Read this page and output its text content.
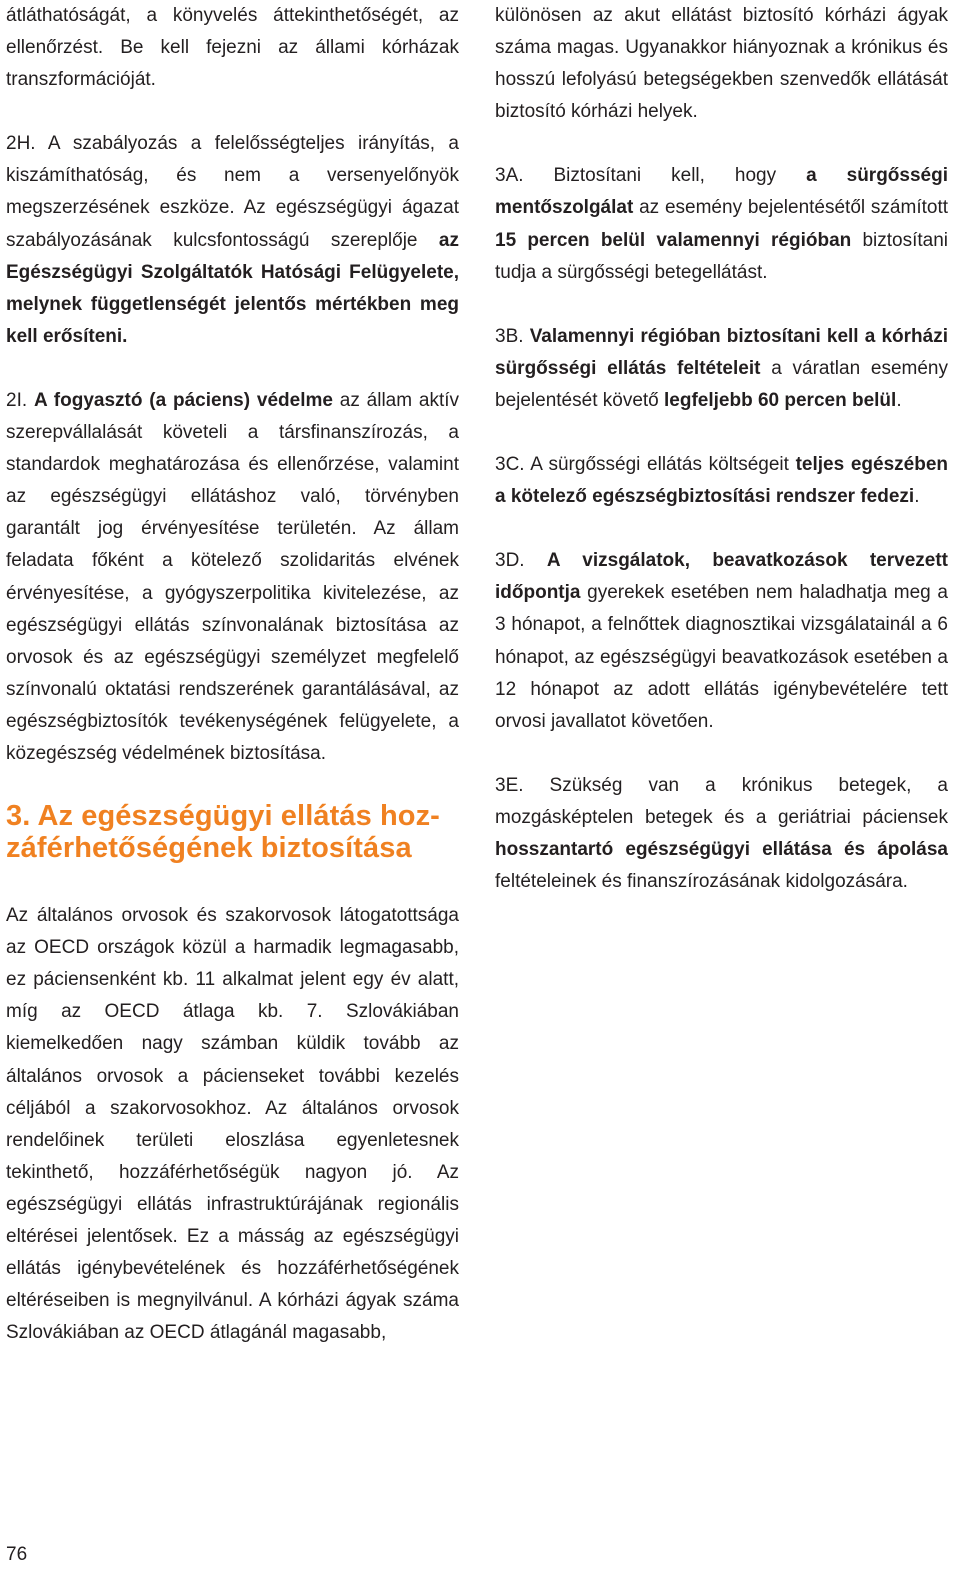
átláthatóságát, a könyvelés áttekinthetőségét, az ellenőrzést. Be kell fejezni az állami kórházak transzformációját.

2H. A szabályozás a felelősségteljes irányítás, a kiszámíthatóság, és nem a versenyelőnyök megszerzésének eszköze. Az egészségügyi ágazat szabályozásának kulcsfontosságú szereplője az Egészségügyi Szolgáltatók Hatósági Felügyelete, melynek függetlenségét jelentős mértékben meg kell erősíteni.

2I. A fogyasztó (a páciens) védelme az állam aktív szerepvállalását követeli a társfinanszírozás, a standardok meghatározása és ellenőrzése, valamint az egészségügyi ellátáshoz való, törvényben garantált jog érvényesítése területén. Az állam feladata főként a kötelező szolidaritás elvének érvényesítése, a gyógyszerpolitika kivitelezése, az egészségügyi ellátás színvonalának biztosítása az orvosok és az egészségügyi személyzet megfelelő színvonalú oktatási rendszerének garantálásával, az egészségbiztosítók tevékenységének felügyelete, a közegészség védelmének biztosítása.

3. Az egészségügyi ellátás hoz-
záférhetőségének biztosítása

Az általános orvosok és szakorvosok látogatottsága az OECD országok közül a harmadik legmagasabb, ez páciensenként kb. 11 alkalmat jelent egy év alatt, míg az OECD átlaga kb. 7. Szlovákiában kiemelkedően nagy számban küldik tovább az általános orvosok a pácienseket további kezelés céljából a szakorvosokhoz. Az általános orvosok rendelőinek területi eloszlása egyenletesnek tekinthető, hozzáférhetőségük nagyon jó. Az egészségügyi ellátás infrastruktúrájának regionális eltérései jelentősek. Ez a másság az egészségügyi ellátás igénybevételének és hozzáférhetőségének eltéréseiben is megnyilvánul. A kórházi ágyak száma Szlovákiában az OECD átlagánál magasabb,

különösen az akut ellátást biztosító kórházi ágyak száma magas. Ugyanakkor hiányoznak a krónikus és hosszú lefolyású betegségekben szenvedők ellátását biztosító kórházi helyek.

3A. Biztosítani kell, hogy a sürgősségi mentőszolgálat az esemény bejelentésétől számított 15 percen belül valamennyi régióban biztosítani tudja a sürgősségi betegellátást.

3B. Valamennyi régióban biztosítani kell a kórházi sürgősségi ellátás feltételeit a váratlan esemény bejelentését követő legfeljebb 60 percen belül.

3C. A sürgősségi ellátás költségeit teljes egészében a kötelező egészségbiztosítási rendszer fedezi.

3D. A vizsgálatok, beavatkozások tervezett időpontja gyerekek esetében nem haladhatja meg a 3 hónapot, a felnőttek diagnosztikai vizsgálatainál a 6 hónapot, az egészségügyi beavatkozások esetében a 12 hónapot az adott ellátás igénybevételére tett orvosi javallatot követően.

3E. Szükség van a krónikus betegek, a mozgásképtelen betegek és a geriátriai páciensek hosszantartó egészségügyi ellátása és ápolása feltételeinek és finanszírozásának kidolgozására.

76
